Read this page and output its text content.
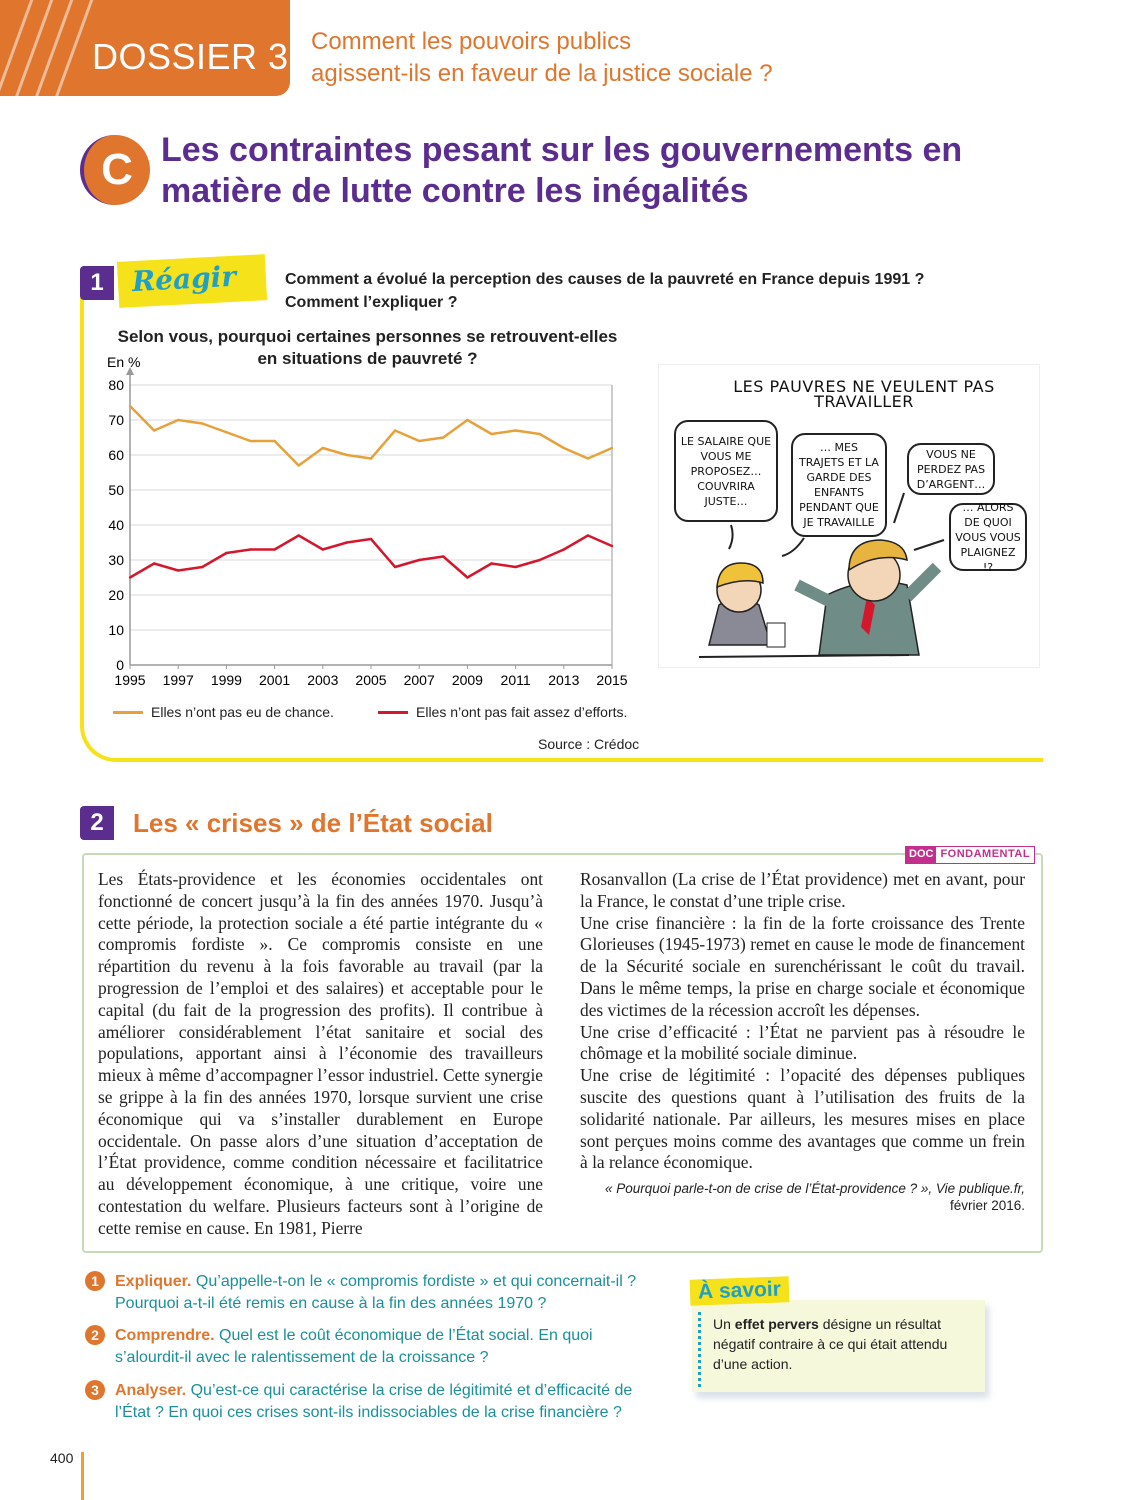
DOSSIER 3 Comment les pouvoirs publics
agissent-ils en faveur de la justice sociale ?
C Les contraintes pesant sur les gouvernements en matière de lutte contre les inégalités
1 Réagir	Comment a évolué la perception des causes de la pauvreté en France depuis 1991 ?
Comment l’expliquer ?
Selon vous, pourquoi certaines personnes se retrouvent-elles en situations de pauvreté ?
0
10
20
30
40
50
60
70
80
En %
1995 1997 1999 2001 2003 2005 2007 2009 2011 2013 2015
Elles n’ont pas eu de chance.	Elles n’ont pas fait assez d’efforts.
Source : Crédoc
LES PAUVRES NE VEULENT PAS TRAVAILLER
LE SALAIRE QUE VOUS ME PROPOSEZ… COUVRIRA JUSTE…
… MES TRAJETS ET LA GARDE DES ENFANTS PENDANT QUE JE TRAVAILLE
VOUS NE PERDEZ PAS D’ARGENT…
… ALORS DE QUOI VOUS VOUS PLAIGNEZ !?
2	Les « crises » de l’État social
DOC FONDAMENTAL
Les États-providence et les économies occidentales ont fonctionné de concert jusqu’à la fin des années 1970. Jusqu’à cette période, la protection sociale a été partie intégrante du « compromis fordiste ». Ce compromis consiste en une répartition du revenu à la fois favorable au travail (par la progression de l’emploi et des salaires) et acceptable pour le capital (du fait de la progression des profits). Il contribue à améliorer considérablement l’état sanitaire et social des populations, apportant ainsi à l’économie des travailleurs mieux à même d’accompagner l’essor industriel. Cette synergie se grippe à la fin des années 1970, lorsque survient une crise économique qui va s’installer durablement en Europe occidentale. On passe alors d’une situation d’acceptation de l’État providence, comme condition nécessaire et facilitatrice au développement économique, à une critique, voire une contestation du welfare. Plusieurs facteurs sont à l’origine de cette remise en cause. En 1981, Pierre

Rosanvallon (La crise de l’État providence) met en avant, pour la France, le constat d’une triple crise.

Une crise financière : la fin de la forte croissance des Trente Glorieuses (1945-1973) remet en cause le mode de financement de la Sécurité sociale en surenchérissant le coût du travail. Dans le même temps, la prise en charge sociale et économique des victimes de la récession accroît les dépenses.

Une crise d’efficacité : l’État ne parvient pas à résoudre le chômage et la mobilité sociale diminue.

Une crise de légitimité : l’opacité des dépenses publiques suscite des questions quant à l’utilisation des fruits de la solidarité nationale. Par ailleurs, les mesures mises en place sont perçues moins comme des avantages que comme un frein à la relance économique.

« Pourquoi parle-t-on de crise de l’État-providence ? », Vie publique.fr,
février 2016.
1	Expliquer. Qu’appelle-t-on le « compromis fordiste » et qui concernait-il ? Pourquoi a-t-il été remis en cause à la fin des années 1970 ?
2	Comprendre. Quel est le coût économique de l’État social. En quoi s’alourdit-il avec le ralentissement de la croissance ?
3	Analyser. Qu’est-ce qui caractérise la crise de légitimité et d’efficacité de l’État ? En quoi ces crises sont-ils indissociables de la crise financière ?
À savoir
Un effet pervers désigne un résultat négatif contraire à ce qui était attendu d’une action.
400
